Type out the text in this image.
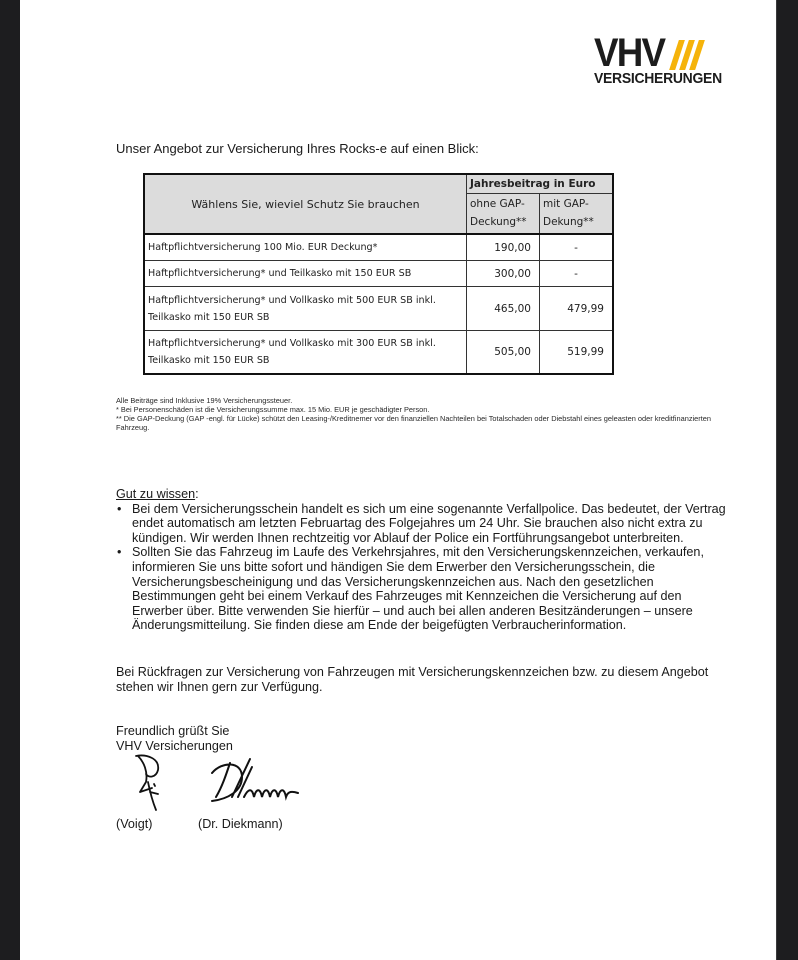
VHV
VERSICHERUNGEN
Unser Angebot zur Versicherung Ihres Rocks-e auf einen Blick:
Wählens Sie, wieviel Schutz Sie brauchen	Jahresbeitrag in Euro	
	ohne GAP-Deckung**	mit GAP-Dekung**
Haftpflichtversicherung 100 Mio. EUR Deckung*	190,00	-
Haftpflichtversicherung* und Teilkasko mit 150 EUR SB	300,00	-
Haftpflichtversicherung* und Vollkasko mit 500 EUR SB inkl. Teilkasko mit 150 EUR SB	465,00	479,99
Haftpflichtversicherung* und Vollkasko mit 300 EUR SB inkl. Teilkasko mit 150 EUR SB	505,00	519,99

Alle Beiträge sind Inklusive 19% Versicherungssteuer.

* Bei Personenschäden ist die Versicherungssumme max. 15 Mio. EUR je geschädigter Person.

** Die GAP-Deckung (GAP -engl. für Lücke) schützt den Leasing-/Kreditnemer vor den finanziellen Nachteilen bei Totalschaden oder Diebstahl eines geleasten oder kreditfinanzierten Fahrzeug.

Gut zu wissen:
• Bei dem Versicherungsschein handelt es sich um eine sogenannte Verfallpolice. Das bedeutet, der Vertrag endet automatisch am letzten Februartag des Folgejahres um 24 Uhr. Sie brauchen also nicht extra zu kündigen. Wir werden Ihnen rechtzeitig vor Ablauf der Police ein Fortführungsangebot unterbreiten.
• Sollten Sie das Fahrzeug im Laufe des Verkehrsjahres, mit den Versicherungskennzeichen, verkaufen, informieren Sie uns bitte sofort und händigen Sie dem Erwerber den Versicherungsschein, die Versicherungsbescheinigung und das Versicherungskennzeichen aus. Nach den gesetzlichen Bestimmungen geht bei einem Verkauf des Fahrzeuges mit Kennzeichen die Versicherung auf den Erwerber über. Bitte verwenden Sie hierfür – und auch bei allen anderen Besitzänderungen – unsere Änderungsmitteilung. Sie finden diese am Ende der beigefügten Verbraucherinformation.
Bei Rückfragen zur Versicherung von Fahrzeugen mit Versicherungskennzeichen bzw. zu diesem Angebot stehen wir Ihnen gern zur Verfügung.
Freundlich grüßt Sie
VHV Versicherungen
(Voigt)	(Dr. Diekmann)
